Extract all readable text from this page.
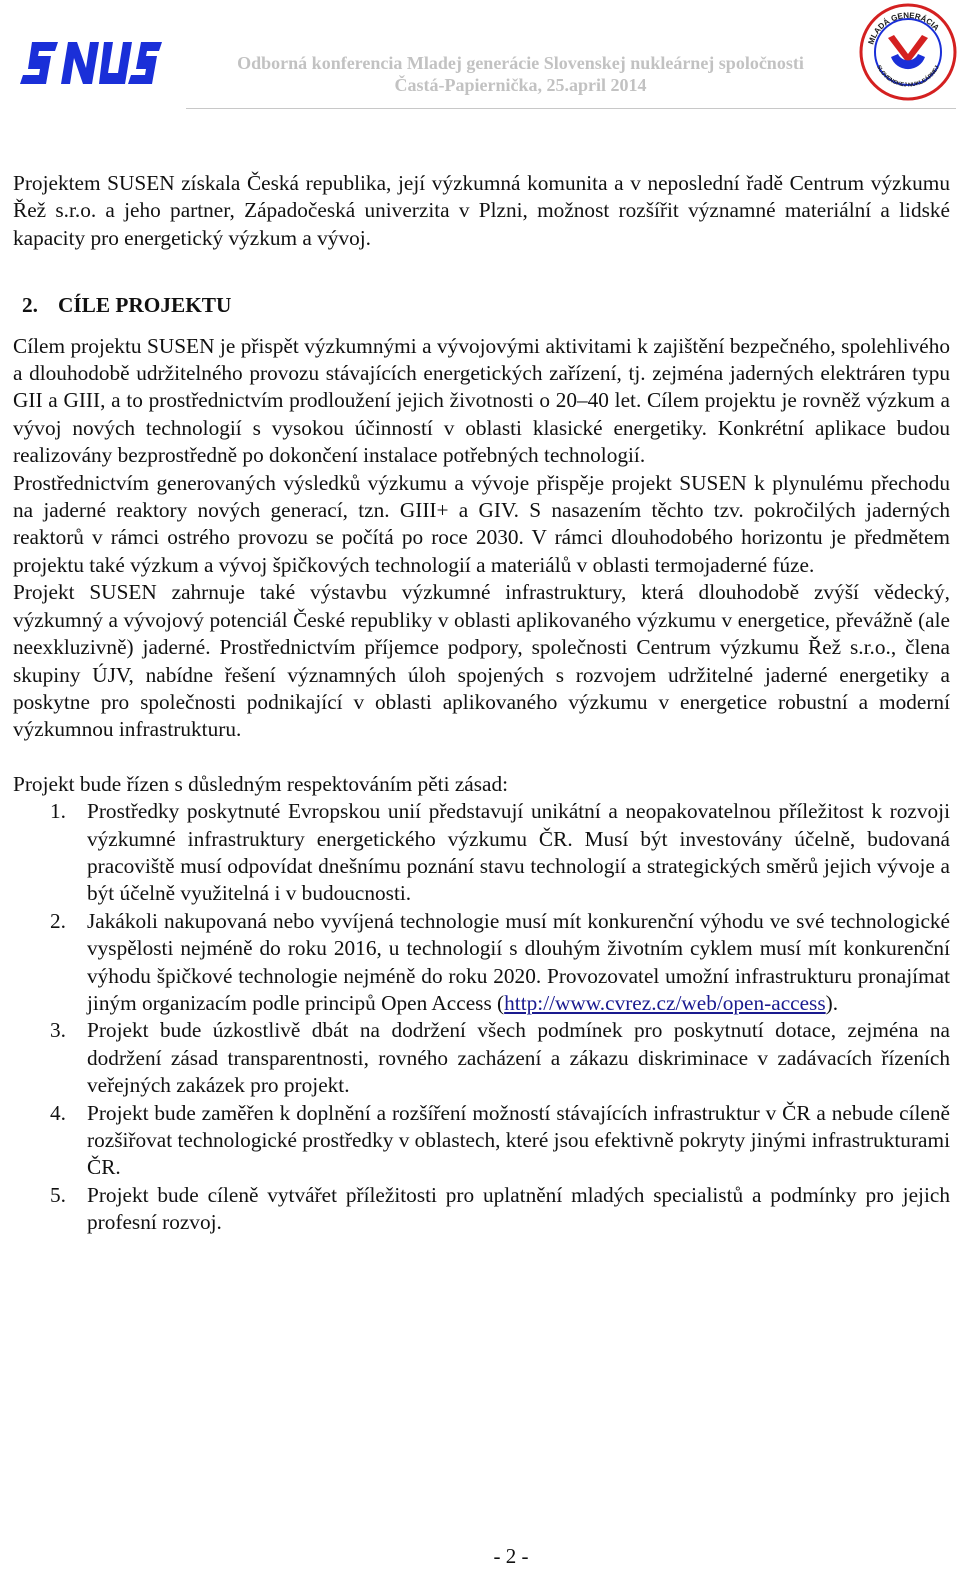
Odborná konferencia Mladej generácie Slovenskej nukleárnej spoločnosti
Častá-Papiernička, 25.april 2014
MLADÁ GENERÁCIA
SLOVENSKEJ NUKLEÁRNEJ

Projektem SUSEN získala Česká republika, její výzkumná komunita a v neposlední řadě Centrum výzkumu Řež s.r.o. a jeho partner, Západočeská univerzita v Plzni, možnost rozšířit významné materiální a lidské kapacity pro energetický výzkum a vývoj.

2. CÍLE PROJEKTU

Cílem projektu SUSEN je přispět výzkumnými a vývojovými aktivitami k zajištění bezpečného, spolehlivého a dlouhodobě udržitelného provozu stávajících energetických zařízení, tj. zejména jaderných elektráren typu GII a GIII, a to prostřednictvím prodloužení jejich životnosti o 20–40 let. Cílem projektu je rovněž výzkum a vývoj nových technologií s vysokou účinností v oblasti klasické energetiky. Konkrétní aplikace budou realizovány bezprostředně po dokončení instalace potřebných technologií.

Prostřednictvím generovaných výsledků výzkumu a vývoje přispěje projekt SUSEN k plynulému přechodu na jaderné reaktory nových generací, tzn. GIII+ a GIV. S nasazením těchto tzv. pokročilých jaderných reaktorů v rámci ostrého provozu se počítá po roce 2030. V rámci dlouhodobého horizontu je předmětem projektu také výzkum a vývoj špičkových technologií a materiálů v oblasti termojaderné fúze.

Projekt SUSEN zahrnuje také výstavbu výzkumné infrastruktury, která dlouhodobě zvýší vědecký, výzkumný a vývojový potenciál České republiky v oblasti aplikovaného výzkumu v energetice, převážně (ale neexkluzivně) jaderné. Prostřednictvím příjemce podpory, společnosti Centrum výzkumu Řež s.r.o., člena skupiny ÚJV, nabídne řešení významných úloh spojených s rozvojem udržitelné jaderné energetiky a poskytne pro společnosti podnikající v oblasti aplikovaného výzkumu v energetice robustní a moderní výzkumnou infrastrukturu.

Projekt bude řízen s důsledným respektováním pěti zásad:

1. Prostředky poskytnuté Evropskou unií představují unikátní a neopakovatelnou příležitost k rozvoji výzkumné infrastruktury energetického výzkumu ČR. Musí být investovány účelně, budovaná pracoviště musí odpovídat dnešnímu poznání stavu technologií a strategických směrů jejich vývoje a být účelně využitelná i v budoucnosti.
2. Jakákoli nakupovaná nebo vyvíjená technologie musí mít konkurenční výhodu ve své technologické vyspělosti nejméně do roku 2016, u technologií s dlouhým životním cyklem musí mít konkurenční výhodu špičkové technologie nejméně do roku 2020. Provozovatel umožní infrastrukturu pronajímat jiným organizacím podle principů Open Access (http://www.cvrez.cz/web/open-access).
3. Projekt bude úzkostlivě dbát na dodržení všech podmínek pro poskytnutí dotace, zejména na dodržení zásad transparentnosti, rovného zacházení a zákazu diskriminace v zadávacích řízeních veřejných zakázek pro projekt.
4. Projekt bude zaměřen k doplnění a rozšíření možností stávajících infrastruktur v ČR a nebude cíleně rozšiřovat technologické prostředky v oblastech, které jsou efektivně pokryty jinými infrastrukturami ČR.
5. Projekt bude cíleně vytvářet příležitosti pro uplatnění mladých specialistů a podmínky pro jejich profesní rozvoj.
- 2 -
